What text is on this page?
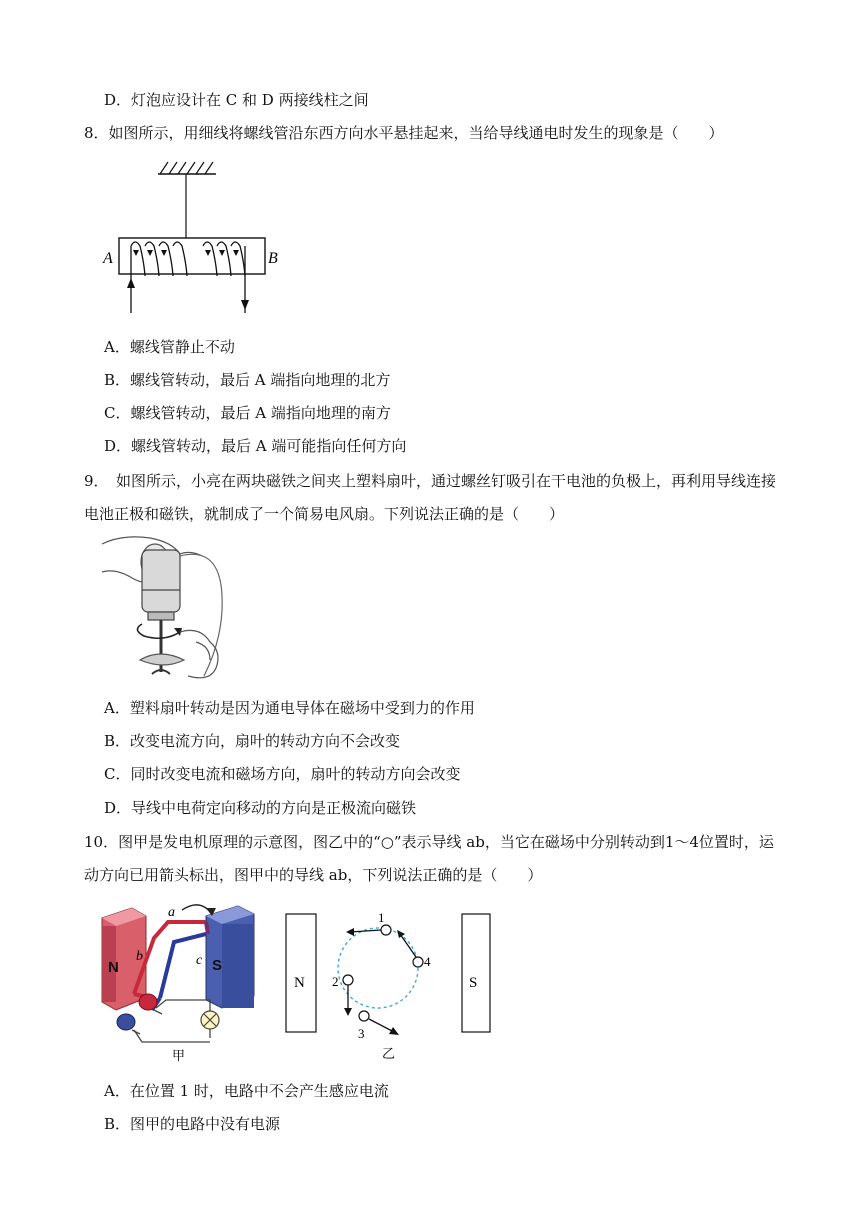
D．灯泡应设计在 C 和 D 两接线柱之间
8．如图所示，用细线将螺线管沿东西方向水平悬挂起来，当给导线通电时发生的现象是（　　）
A	B
A．螺线管静止不动
B．螺线管转动，最后 A 端指向地理的北方
C．螺线管转动，最后 A 端指向地理的南方
D．螺线管转动，最后 A 端可能指向任何方向
9．　如图所示，小亮在两块磁铁之间夹上塑料扇叶，通过螺丝钉吸引在干电池的负极上，再利用导线连接
电池正极和磁铁，就制成了一个简易电风扇。下列说法正确的是（　　）
A．塑料扇叶转动是因为通电导体在磁场中受到力的作用
B．改变电流方向，扇叶的转动方向不会改变
C．同时改变电流和磁场方向，扇叶的转动方向会改变
D．导线中电荷定向移动的方向是正极流向磁铁
10．图甲是发电机原理的示意图，图乙中的“○”表示导线 ab，当它在磁场中分别转动到1～4位置时，运
动方向已用箭头标出，图甲中的导线 ab，下列说法正确的是（　　）
N	S
a
b	c
甲
N	S
1
2
3
4
乙
A．在位置 1 时，电路中不会产生感应电流
B．图甲的电路中没有电源
